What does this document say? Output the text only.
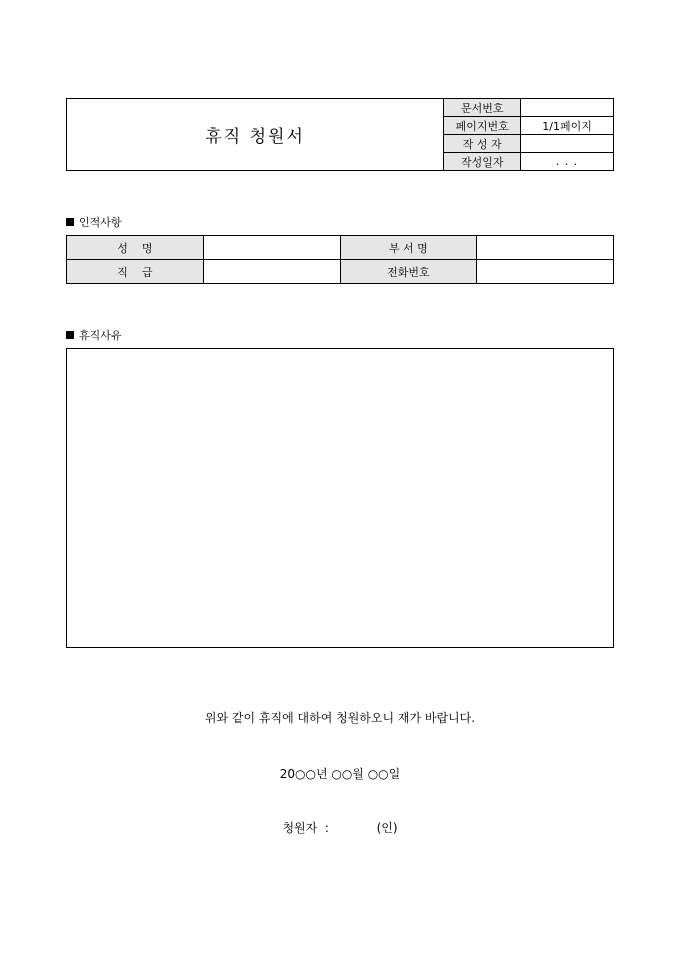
휴직 청원서	문서번호	
	페이지번호	1/1페이지
	작 성 자	
	작성일자	. . .
인적사항
성    명		부 서 명	
직    급		전화번호	
휴직사유
위와 같이 휴직에 대하여 청원하오니 재가 바랍니다.
20○○년 ○○월 ○○일
청원자  :	(인)
